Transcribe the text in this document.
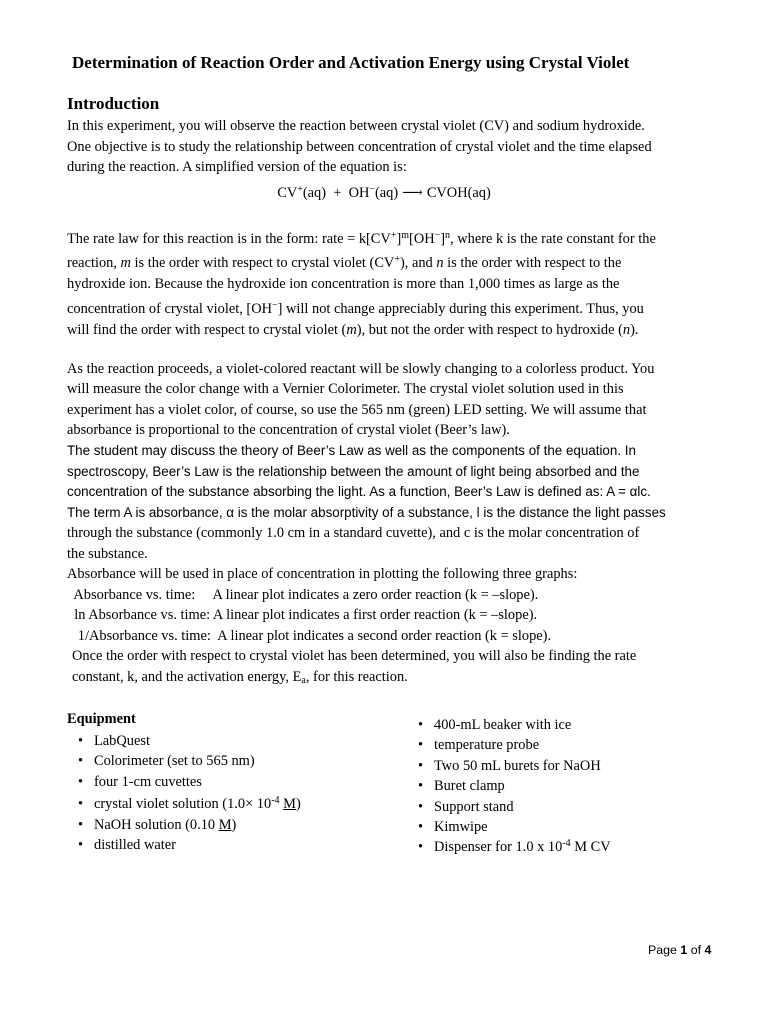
Determination of Reaction Order and Activation Energy using Crystal Violet
Introduction
In this experiment, you will observe the reaction between crystal violet (CV) and sodium hydroxide.
One objective is to study the relationship between concentration of crystal violet and the time elapsed
during the reaction. A simplified version of the equation is:
CV+(aq) + OH−(aq) ⟶ CVOH(aq)
The rate law for this reaction is in the form: rate = $k[CV^+]^m[OH^-]^n$, where k is the rate constant for the
reaction, m is the order with respect to crystal violet (CV+), and n is the order with respect to the
hydroxide ion. Because the hydroxide ion concentration is more than 1,000 times as large as the
concentration of crystal violet, [OH−] will not change appreciably during this experiment. Thus, you
will find the order with respect to crystal violet (m), but not the order with respect to hydroxide (n).
As the reaction proceeds, a violet-colored reactant will be slowly changing to a colorless product. You
will measure the color change with a Vernier Colorimeter. The crystal violet solution used in this
experiment has a violet color, of course, so use the 565 nm (green) LED setting. We will assume that
absorbance is proportional to the concentration of crystal violet (Beer’s law).
The student may discuss the theory of Beer’s Law as well as the components of the equation. In
spectroscopy, Beer’s Law is the relationship between the amount of light being absorbed and the
concentration of the substance absorbing the light. As a function, Beer’s Law is defined as: A = αlc.
The term A is absorbance, α is the molar absorptivity of a substance, l is the distance the light passes
through the substance (commonly 1.0 cm in a standard cuvette), and c is the molar concentration of
the substance.
Absorbance will be used in place of concentration in plotting the following three graphs:
Absorbance vs. time:     A linear plot indicates a zero order reaction (k = –slope).
ln Absorbance vs. time: A linear plot indicates a first order reaction (k = –slope).
1/Absorbance vs. time:  A linear plot indicates a second order reaction (k = slope).
Once the order with respect to crystal violet has been determined, you will also be finding the rate
constant, k, and the activation energy, $E_a$, for this reaction.
Equipment
• LabQuest
• Colorimeter (set to 565 nm)
• four 1-cm cuvettes
• crystal violet solution ($1.0\times 10^{-4}$ M)
• NaOH solution (0.10 M)
• distilled water
• 400-mL beaker with ice
• temperature probe
• Two 50 mL burets for NaOH
• Buret clamp
• Support stand
• Kimwipe
• Dispenser for 1.0 x $10^{-4}$ M CV
Page 1 of 4
